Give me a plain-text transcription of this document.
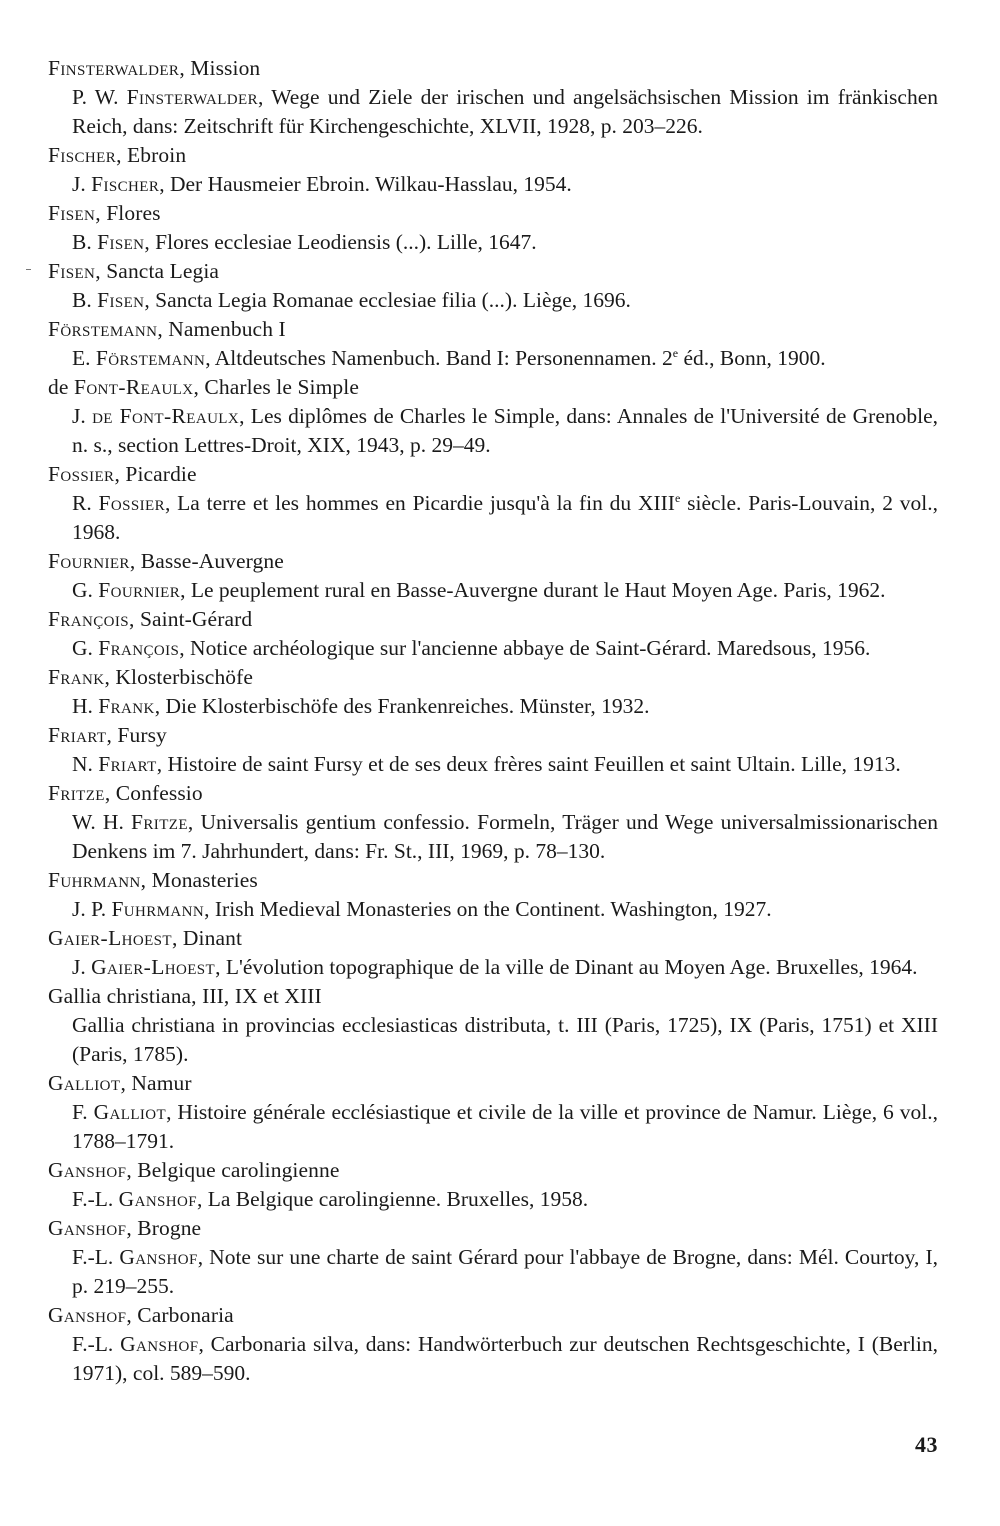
Finsterwalder, Mission
P. W. Finsterwalder, Wege und Ziele der irischen und angelsächsischen Mission im fränkischen Reich, dans: Zeitschrift für Kirchengeschichte, XLVII, 1928, p. 203–226.
Fischer, Ebroin
J. Fischer, Der Hausmeier Ebroin. Wilkau-Hasslau, 1954.
Fisen, Flores
B. Fisen, Flores ecclesiae Leodiensis (...). Lille, 1647.
Fisen, Sancta Legia
B. Fisen, Sancta Legia Romanae ecclesiae filia (...). Liège, 1696.
Förstemann, Namenbuch I
E. Förstemann, Altdeutsches Namenbuch. Band I: Personennamen. 2e éd., Bonn, 1900.
de Font-Reaulx, Charles le Simple
J. de Font-Reaulx, Les diplômes de Charles le Simple, dans: Annales de l'Université de Grenoble, n. s., section Lettres-Droit, XIX, 1943, p. 29–49.
Fossier, Picardie
R. Fossier, La terre et les hommes en Picardie jusqu'à la fin du XIIIe siècle. Paris-Louvain, 2 vol., 1968.
Fournier, Basse-Auvergne
G. Fournier, Le peuplement rural en Basse-Auvergne durant le Haut Moyen Age. Paris, 1962.
François, Saint-Gérard
G. François, Notice archéologique sur l'ancienne abbaye de Saint-Gérard. Maredsous, 1956.
Frank, Klosterbischöfe
H. Frank, Die Klosterbischöfe des Frankenreiches. Münster, 1932.
Friart, Fursy
N. Friart, Histoire de saint Fursy et de ses deux frères saint Feuillen et saint Ultain. Lille, 1913.
Fritze, Confessio
W. H. Fritze, Universalis gentium confessio. Formeln, Träger und Wege universalmissionarischen Denkens im 7. Jahrhundert, dans: Fr. St., III, 1969, p. 78–130.
Fuhrmann, Monasteries
J. P. Fuhrmann, Irish Medieval Monasteries on the Continent. Washington, 1927.
Gaier-Lhoest, Dinant
J. Gaier-Lhoest, L'évolution topographique de la ville de Dinant au Moyen Age. Bruxelles, 1964.
Gallia christiana, III, IX et XIII
Gallia christiana in provincias ecclesiasticas distributa, t. III (Paris, 1725), IX (Paris, 1751) et XIII (Paris, 1785).
Galliot, Namur
F. Galliot, Histoire générale ecclésiastique et civile de la ville et province de Namur. Liège, 6 vol., 1788–1791.
Ganshof, Belgique carolingienne
F.-L. Ganshof, La Belgique carolingienne. Bruxelles, 1958.
Ganshof, Brogne
F.-L. Ganshof, Note sur une charte de saint Gérard pour l'abbaye de Brogne, dans: Mél. Courtoy, I, p. 219–255.
Ganshof, Carbonaria
F.-L. Ganshof, Carbonaria silva, dans: Handwörterbuch zur deutschen Rechtsgeschichte, I (Berlin, 1971), col. 589–590.
43
